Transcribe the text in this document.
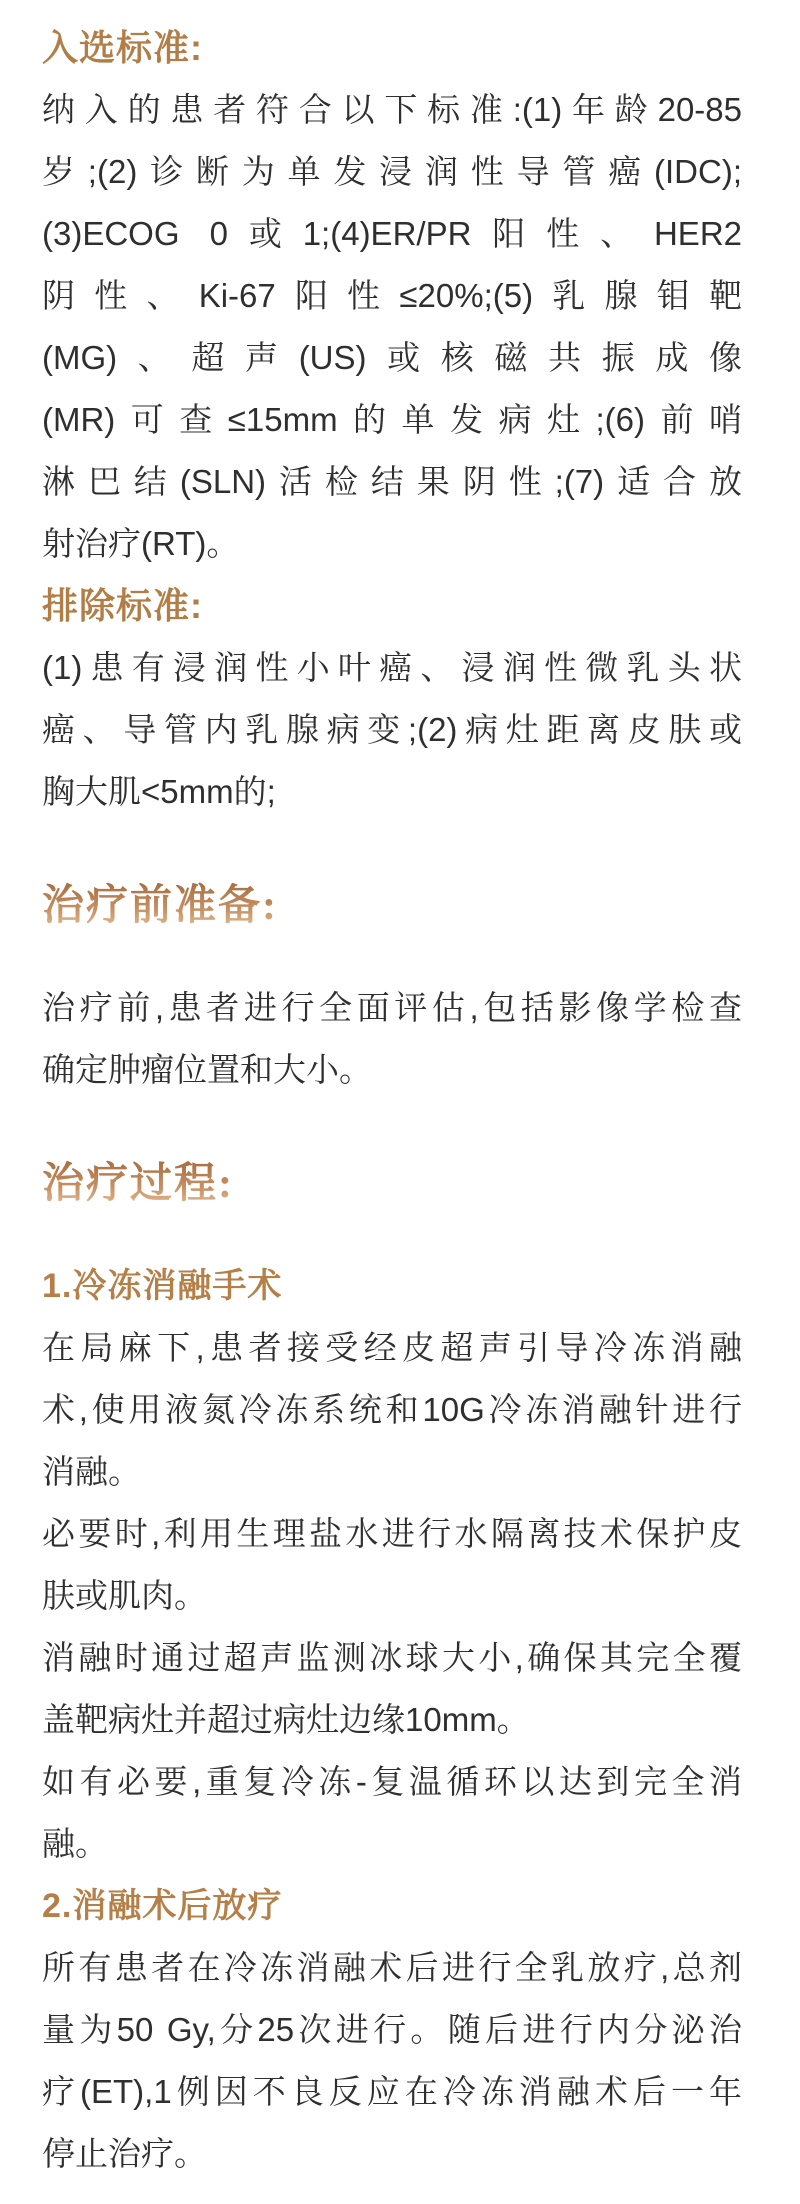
入选标准:
纳入的患者符合以下标准:(1)年龄20-85
岁;(2)诊断为单发浸润性导管癌(IDC);
(3)ECOG 0或1;(4)ER/PR阳性、HER2
阴性、Ki-67阳性≤20%;(5)乳腺钼靶
(MG)、超声(US)或核磁共振成像
(MR)可查≤15mm的单发病灶;(6)前哨
淋巴结(SLN)活检结果阴性;(7)适合放
射治疗(RT)。
排除标准:
(1)患有浸润性小叶癌、浸润性微乳头状
癌、导管内乳腺病变;(2)病灶距离皮肤或
胸大肌<5mm的;
治疗前准备:
治疗前,患者进行全面评估,包括影像学检查
确定肿瘤位置和大小。
治疗过程:
1.冷冻消融手术
在局麻下,患者接受经皮超声引导冷冻消融
术,使用液氮冷冻系统和10G冷冻消融针进行
消融。
必要时,利用生理盐水进行水隔离技术保护皮
肤或肌肉。
消融时通过超声监测冰球大小,确保其完全覆
盖靶病灶并超过病灶边缘10mm。
如有必要,重复冷冻-复温循环以达到完全消
融。
2.消融术后放疗
所有患者在冷冻消融术后进行全乳放疗,总剂
量为50 Gy,分25次进行。随后进行内分泌治
疗(ET),1例因不良反应在冷冻消融术后一年
停止治疗。
